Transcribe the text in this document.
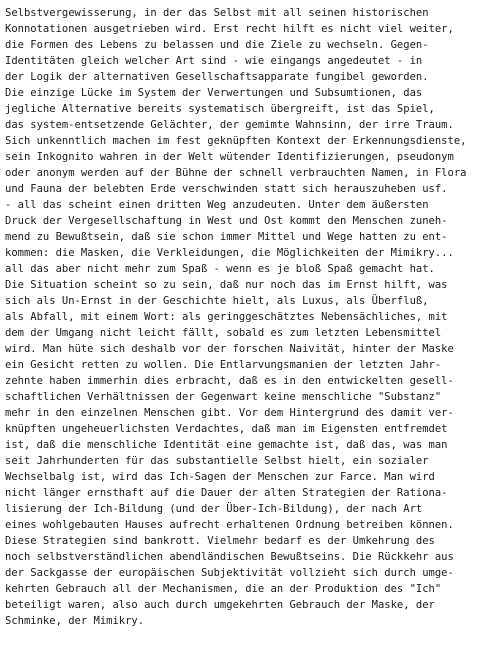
Selbstvergewisserung, in der das Selbst mit all seinen historischen
Konnotationen ausgetrieben wird. Erst recht hilft es nicht viel weiter,
die Formen des Lebens zu belassen und die Ziele zu wechseln. Gegen-
Identitäten gleich welcher Art sind - wie eingangs angedeutet - in
der Logik der alternativen Gesellschaftsapparate fungibel geworden.
Die einzige Lücke im System der Verwertungen und Subsumtionen, das
jegliche Alternative bereits systematisch übergreift, ist das Spiel,
das system-entsetzende Gelächter, der gemimte Wahnsinn, der irre Traum.
Sich unkenntlich machen im fest geknüpften Kontext der Erkennungsdienste,
sein Inkognito wahren in der Welt wütender Identifizierungen, pseudonym
oder anonym werden auf der Bühne der schnell verbrauchten Namen, in Flora
und Fauna der belebten Erde verschwinden statt sich herauszuheben usf.
- all das scheint einen dritten Weg anzudeuten. Unter dem äußersten
Druck der Vergesellschaftung in West und Ost kommt den Menschen zuneh-
mend zu Bewußtsein, daß sie schon immer Mittel und Wege hatten zu ent-
kommen: die Masken, die Verkleidungen, die Möglichkeiten der Mimikry...
all das aber nicht mehr zum Spaß - wenn es je bloß Spaß gemacht hat.
Die Situation scheint so zu sein, daß nur noch das im Ernst hilft, was
sich als Un-Ernst in der Geschichte hielt, als Luxus, als Überfluß,
als Abfall, mit einem Wort: als geringgeschätztes Nebensächliches, mit
dem der Umgang nicht leicht fällt, sobald es zum letzten Lebensmittel
wird. Man hüte sich deshalb vor der forschen Naivität, hinter der Maske
ein Gesicht retten zu wollen. Die Entlarvungsmanien der letzten Jahr-
zehnte haben immerhin dies erbracht, daß es in den entwickelten gesell-
schaftlichen Verhältnissen der Gegenwart keine menschliche "Substanz"
mehr in den einzelnen Menschen gibt. Vor dem Hintergrund des damit ver-
knüpften ungeheuerlichsten Verdachtes, daß man im Eigensten entfremdet
ist, daß die menschliche Identität eine gemachte ist, daß das, was man
seit Jahrhunderten für das substantielle Selbst hielt, ein sozialer
Wechselbalg ist, wird das Ich-Sagen der Menschen zur Farce. Man wird
nicht länger ernsthaft auf die Dauer der alten Strategien der Rationa-
lisierung der Ich-Bildung (und der Über-Ich-Bildung), der nach Art
eines wohlgebauten Hauses aufrecht erhaltenen Ordnung betreiben können.
Diese Strategien sind bankrott. Vielmehr bedarf es der Umkehrung des
noch selbstverständlichen abendländischen Bewußtseins. Die Rückkehr aus
der Sackgasse der europäischen Subjektivität vollzieht sich durch umge-
kehrten Gebrauch all der Mechanismen, die an der Produktion des "Ich"
beteiligt waren, also auch durch umgekehrten Gebrauch der Maske, der
Schminke, der Mimikry.
